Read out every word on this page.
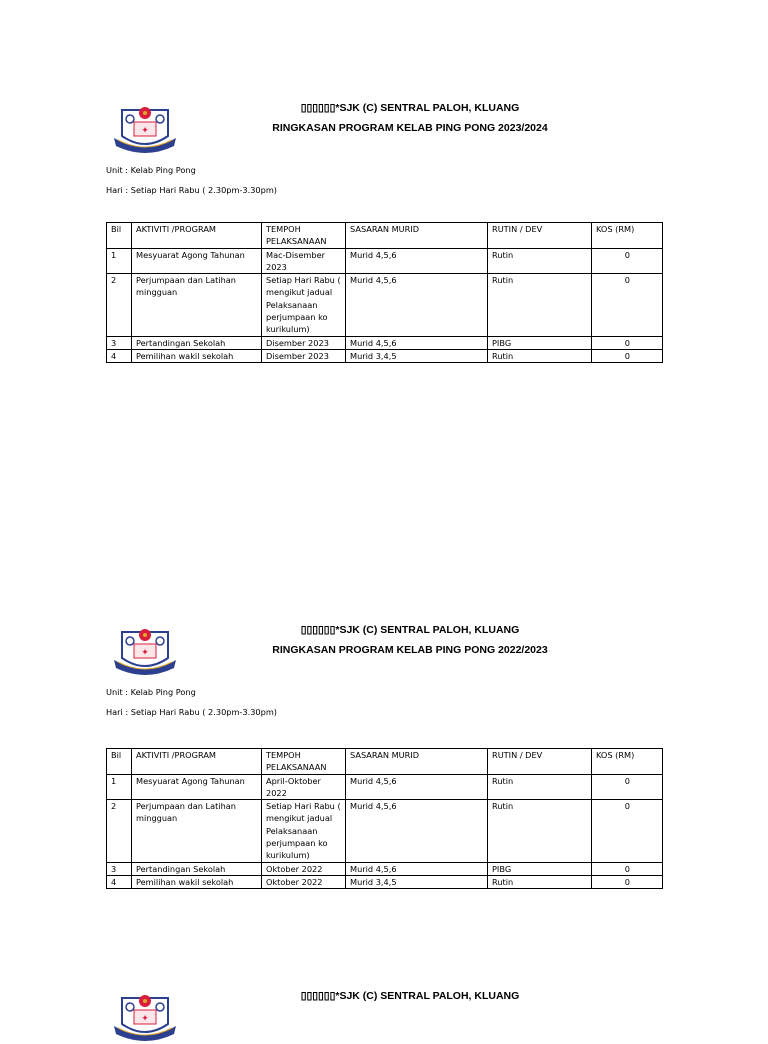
✦

▯▯▯▯▯▯*SJK (C) SENTRAL PALOH, KLUANG

RINGKASAN PROGRAM KELAB PING PONG 2023/2024

Unit : Kelab Ping Pong

Hari : Setiap Hari Rabu ( 2.30pm-3.30pm)

Bil	AKTIVITI /PROGRAM	TEMPOH PELAKSANAAN	SASARAN MURID	RUTIN / DEV	KOS (RM)
1	Mesyuarat Agong Tahunan	Mac-Disember 2023	Murid 4,5,6	Rutin	0
2	Perjumpaan dan Latihan mingguan	Setiap Hari Rabu ( mengikut jadual Pelaksanaan perjumpaan ko kurikulum)	Murid 4,5,6	Rutin	0
3	Pertandingan Sekolah	Disember 2023	Murid 4,5,6	PIBG	0
4	Pemilihan wakil sekolah	Disember 2023	Murid 3,4,5	Rutin	0
✦

▯▯▯▯▯▯*SJK (C) SENTRAL PALOH, KLUANG

RINGKASAN PROGRAM KELAB PING PONG 2022/2023

Unit : Kelab Ping Pong

Hari : Setiap Hari Rabu ( 2.30pm-3.30pm)

Bil	AKTIVITI /PROGRAM	TEMPOH PELAKSANAAN	SASARAN MURID	RUTIN / DEV	KOS (RM)
1	Mesyuarat Agong Tahunan	April-Oktober 2022	Murid 4,5,6	Rutin	0
2	Perjumpaan dan Latihan mingguan	Setiap Hari Rabu ( mengikut jadual Pelaksanaan perjumpaan ko kurikulum)	Murid 4,5,6	Rutin	0
3	Pertandingan Sekolah	Oktober 2022	Murid 4,5,6	PIBG	0
4	Pemilihan wakil sekolah	Oktober 2022	Murid 3,4,5	Rutin	0
✦

▯▯▯▯▯▯*SJK (C) SENTRAL PALOH, KLUANG
